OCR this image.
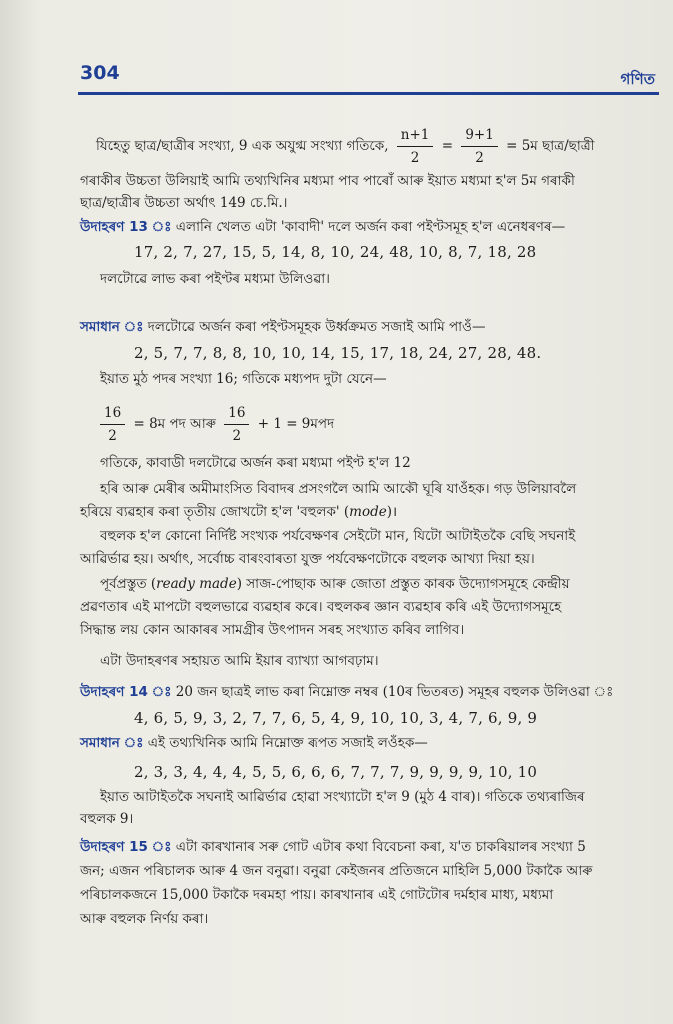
304	গণিত
যিহেতু ছাত্ৰ/ছাত্ৰীৰ সংখ্যা, 9 এক অযুগ্ম সংখ্যা গতিকে, $\frac{n+1}{2} = \frac{9+1}{2}$ = 5ম ছাত্ৰ/ছাত্ৰী
গৰাকীৰ উচ্চতা উলিয়াই আমি তথ্যখিনিৰ মধ্যমা পাব পাৰোঁ আৰু ইয়াত মধ্যমা হ'ল 5ম গৰাকী
ছাত্ৰ/ছাত্ৰীৰ উচ্চতা অৰ্থাৎ 149 চে.মি.।
উদাহৰণ 13 ঃ এলানি খেলত এটা 'কাবাদী' দলে অৰ্জন কৰা পইণ্টসমূহ হ'ল এনেধৰণৰ—
17, 2, 7, 27, 15, 5, 14, 8, 10, 24, 48, 10, 8, 7, 18, 28
দলটোৱে লাভ কৰা পইণ্টৰ মধ্যমা উলিওৱা।
সমাধান ঃ দলটোৱে অৰ্জন কৰা পইণ্টসমূহক উৰ্ধ্বক্ৰমত সজাই আমি পাওঁ—
2, 5, 7, 7, 8, 8, 10, 10, 14, 15, 17, 18, 24, 27, 28, 48.
ইয়াত মুঠ পদৰ সংখ্যা 16; গতিকে মধ্যপদ দুটা যেনে—
$\frac{16}{2}$ = 8ম পদ আৰু $\frac{16}{2} + 1$ = 9মপদ
গতিকে, কাবাডী দলটোৱে অৰ্জন কৰা মধ্যমা পইণ্ট হ'ল 12
হৰি আৰু মেৰীৰ অমীমাংসিত বিবাদৰ প্ৰসংগলৈ আমি আকৌ ঘূৰি যাওঁহক। গড় উলিয়াবলৈ
হৰিয়ে ব্যৱহাৰ কৰা তৃতীয় জোখটো হ'ল 'বহুলক' (mode)।
বহুলক হ'ল কোনো নিৰ্দিষ্ট সংখ্যক পৰ্যবেক্ষণৰ সেইটো মান, যিটো আটাইতকৈ বেছি সঘনাই
আৱিৰ্ভাৱ হয়। অৰ্থাৎ, সৰ্বোচ্চ বাৰংবাৰতা যুক্ত পৰ্যবেক্ষণটোকে বহুলক আখ্যা দিয়া হয়।
পূৰ্বপ্ৰস্তুত (ready made) সাজ-পোছাক আৰু জোতা প্ৰস্তুত কাৰক উদ্যোগসমূহে কেন্দ্ৰীয়
প্ৰৱণতাৰ এই মাপটো বহুলভাৱে ব্যৱহাৰ কৰে। বহুলকৰ জ্ঞান ব্যৱহাৰ কৰি এই উদ্যোগসমূহে
সিদ্ধান্ত লয় কোন আকাৰৰ সামগ্ৰীৰ উৎপাদন সৰহ সংখ্যাত কৰিব লাগিব।
এটা উদাহৰণৰ সহায়ত আমি ইয়াৰ ব্যাখ্যা আগবঢ়াম।
উদাহৰণ 14 ঃ 20 জন ছাত্ৰই লাভ কৰা নিম্নোক্ত নম্বৰ (10ৰ ভিতৰত) সমূহৰ বহুলক উলিওৱা ঃ
4, 6, 5, 9, 3, 2, 7, 7, 6, 5, 4, 9, 10, 10, 3, 4, 7, 6, 9, 9
সমাধান ঃ এই তথ্যখিনিক আমি নিম্নোক্ত ৰূপত সজাই লওঁহক—
2, 3, 3, 4, 4, 4, 5, 5, 6, 6, 6, 7, 7, 7, 9, 9, 9, 9, 10, 10
ইয়াত আটাইতকৈ সঘনাই আৱিৰ্ভাৱ হোৱা সংখ্যাটো হ'ল 9 (মুঠ 4 বাৰ)। গতিকে তথ্যৰাজিৰ
বহুলক 9।
উদাহৰণ 15 ঃ এটা কাৰখানাৰ সৰু গোট এটাৰ কথা বিবেচনা কৰা, য'ত চাকৰিয়ালৰ সংখ্যা 5
জন; এজন পৰিচালক আৰু 4 জন বনুৱা। বনুৱা কেইজনৰ প্ৰতিজনে মাহিলি 5,000 টকাকৈ আৰু
পৰিচালকজনে 15,000 টকাকৈ দৰমহা পায়। কাৰখানাৰ এই গোটটোৰ দৰ্মহাৰ মাধ্য, মধ্যমা
আৰু বহুলক নিৰ্ণয় কৰা।
